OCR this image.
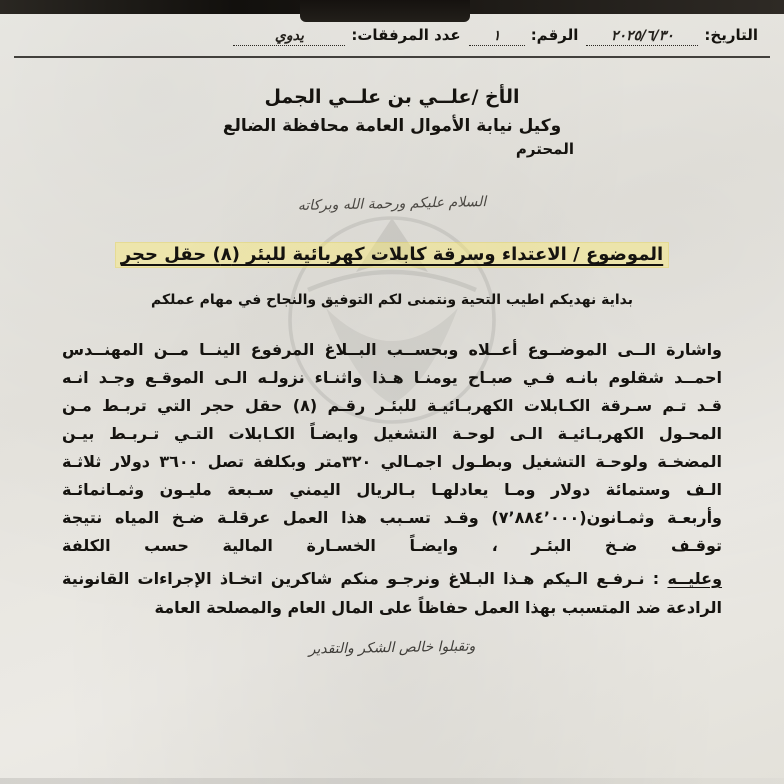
التاريخ:
٢٠٢٥/٦/٣٠
الرقم:
١
عدد المرفقات:
يدوي
الأخ /علــي بن علــي الجمل
وكيل نيابة الأموال العامة محافظة الضالع
المحترم
السلام عليكم ورحمة الله وبركاته
الموضوع / الاعتداء وسرقة كابلات كهربائية للبئر (٨) حقل حجر
بداية نهديكم اطيب التحية ونتمنى لكم التوفيق والنجاح في مهام عملكم
واشارة الــى الموضــوع أعــلاه وبحســب البــلاغ المرفوع الينــا مــن المهنــدس احمــد شقلوم بانـه فـي صبـاح يومنـا هـذا واثنـاء نزولـه الـى الموقـع وجـد انـه قـد تـم سـرقة الكـابلات الكهربـائيـة للبئـر رقـم (٨) حقل حجر التي تربـط مـن المحـول الكهربـائيـة الـى لوحـة التشغيل وايضـاً الكـابلات التـي تـربـط بيـن المضخـة ولوحـة التشغيل وبطـول اجمـالي ٣٢٠متر وبكلفة تصل ٣٦٠٠ دولار ثلاثـة الـف وستمائة دولار ومـا يعادلهـا بـالريال اليمني سـبعة مليـون وثمـانمائـة وأربعـة وثمـانون(٧٬٨٨٤٬٠٠٠) وقـد تسـبب هذا العمل عرقلـة ضـخ المياه نتيجة توقـف ضـخ البئـر ، وايضـاً الخسـارة المالية حسب الكلفة
وعليــه : نـرفـع الـيكم هـذا البـلاغ ونرجـو منكم شاكرين اتخـاذ الإجراءات القانونية الرادعة ضد المتسبب بهذا العمل حفاظاً على المال العام والمصلحة العامة
وتقبلوا خالص الشكر والتقدير
